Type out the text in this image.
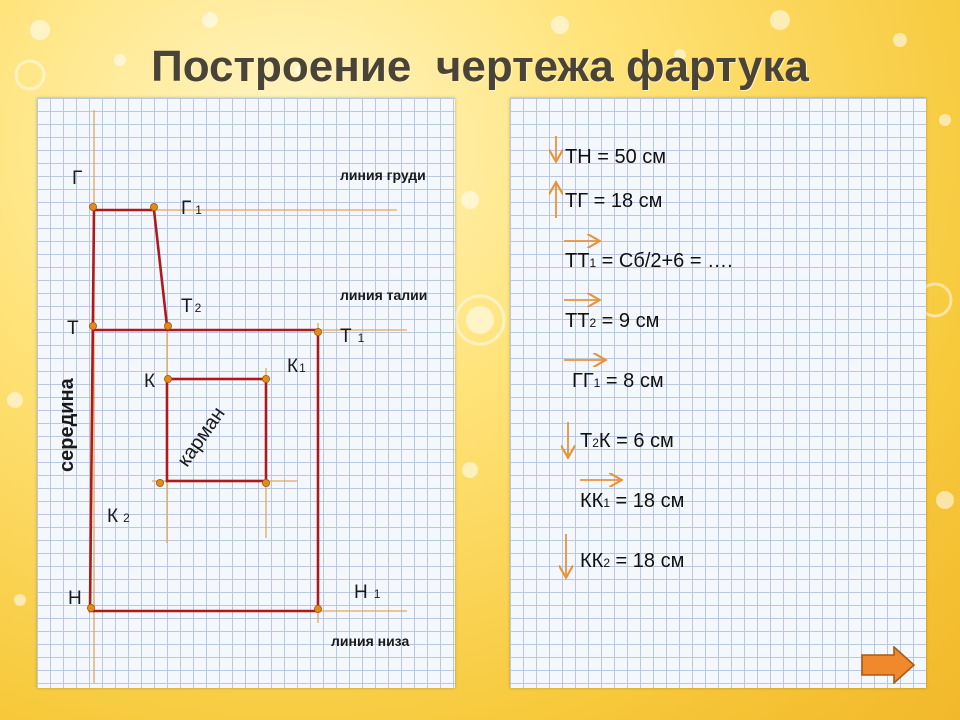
Построение  чертежа фартука
Г
Г 1
Т
Т 2
Т 1
К
К1
К 2
Н	Н 1
линия груди
линия талии
линия низа
середина	карман
ТН = 50 см
ТГ = 18 см
ТТ1 = Сб/2+6 = ….
ТТ2 = 9 см
ГГ1 = 8 см
Т2К = 6 см
КК1 = 18 см
КК2 = 18 см
